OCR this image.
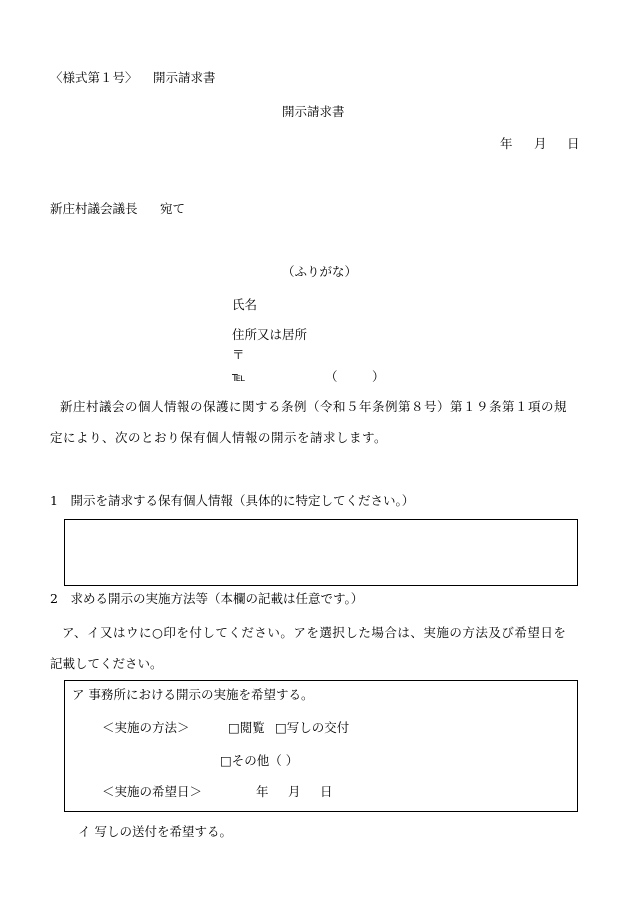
〈様式第１号〉 開示請求書
開示請求書
年 月 日
新庄村議会議長 宛て
（ふりがな）
氏名
住所又は居所
〒
℡	（	）
新庄村議会の個人情報の保護に関する条例（令和５年条例第８号）第１９条第１項の規
定により、次のとおり保有個人情報の開示を請求します。
1　開示を請求する保有個人情報（具体的に特定してください。）
2　求める開示の実施方法等（本欄の記載は任意です。）
ア、イ又はウに○印を付してください。アを選択した場合は、実施の方法及び希望日を
記載してください。
ア 事務所における開示の実施を希望する。
＜実施の方法＞	□閲覧 □写しの交付
□その他（ ）
＜実施の希望日＞	年 月 日
イ 写しの送付を希望する。
